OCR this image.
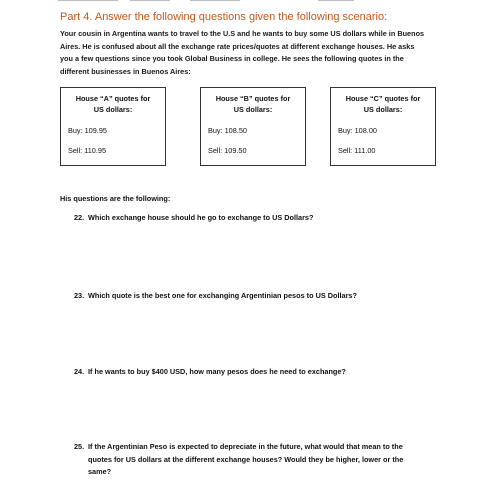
Part 4. Answer the following questions given the following scenario:
Your cousin in Argentina wants to travel to the U.S and he wants to buy some US dollars while in Buenos
Aires. He is confused about all the exchange rate prices/quotes at different exchange houses. He asks
you a few questions since you took Global Business in college. He sees the following quotes in the
different businesses in Buenos Aires:
House “A” quotes for
US dollars:
Buy: 109.95
Sell: 110.95
House “B” quotes for
US dollars:
Buy: 108.50
Sell: 109.50
House “C” quotes for
US dollars:
Buy: 108.00
Sell: 111.00
His questions are the following:
22. Which exchange house should he go to exchange to US Dollars?
23. Which quote is the best one for exchanging Argentinian pesos to US Dollars?
24. If he wants to buy $400 USD, how many pesos does he need to exchange?
25. If the Argentinian Peso is expected to depreciate in the future, what would that mean to the
quotes for US dollars at the different exchange houses? Would they be higher, lower or the
same?
